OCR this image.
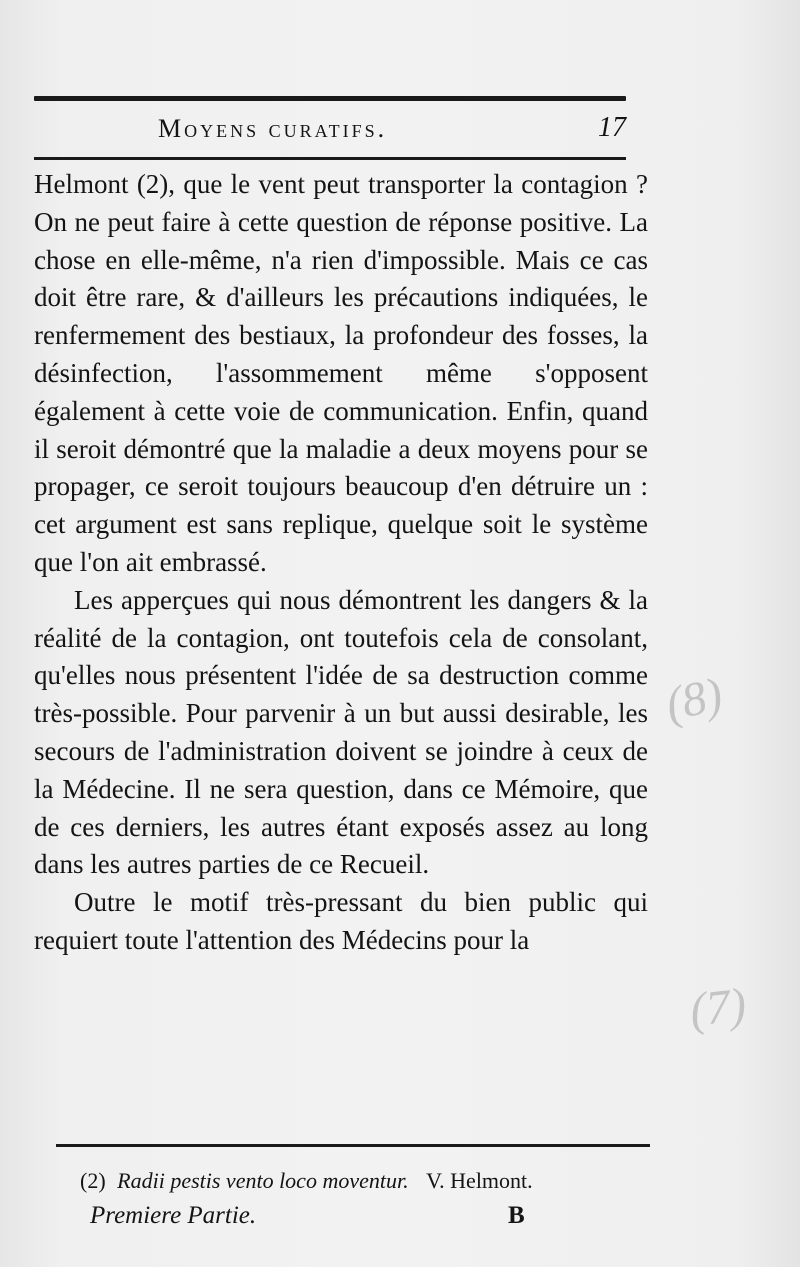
Moyens curatifs.	17

Helmont (2), que le vent peut transporter la contagion ? On ne peut faire à cette question de réponse positive. La chose en elle-même, n'a rien d'impossible. Mais ce cas doit être rare, & d'ailleurs les précautions indiquées, le renfermement des bestiaux, la profondeur des fosses, la désinfection, l'assommement même s'opposent également à cette voie de communication. Enfin, quand il seroit démontré que la maladie a deux moyens pour se propager, ce seroit toujours beaucoup d'en détruire un : cet argument est sans replique, quelque soit le système que l'on ait embrassé.

Les apperçues qui nous démontrent les dangers & la réalité de la contagion, ont toutefois cela de consolant, qu'elles nous présentent l'idée de sa destruction comme très-possible. Pour parvenir à un but aussi desirable, les secours de l'administration doivent se joindre à ceux de la Médecine. Il ne sera question, dans ce Mémoire, que de ces derniers, les autres étant exposés assez au long dans les autres parties de ce Recueil.

Outre le motif très-pressant du bien public qui requiert toute l'attention des Médecins pour la

(2) Radii pestis vento loco moventur. V. Helmont.
Premiere Partie.	B
(8)
(7)
